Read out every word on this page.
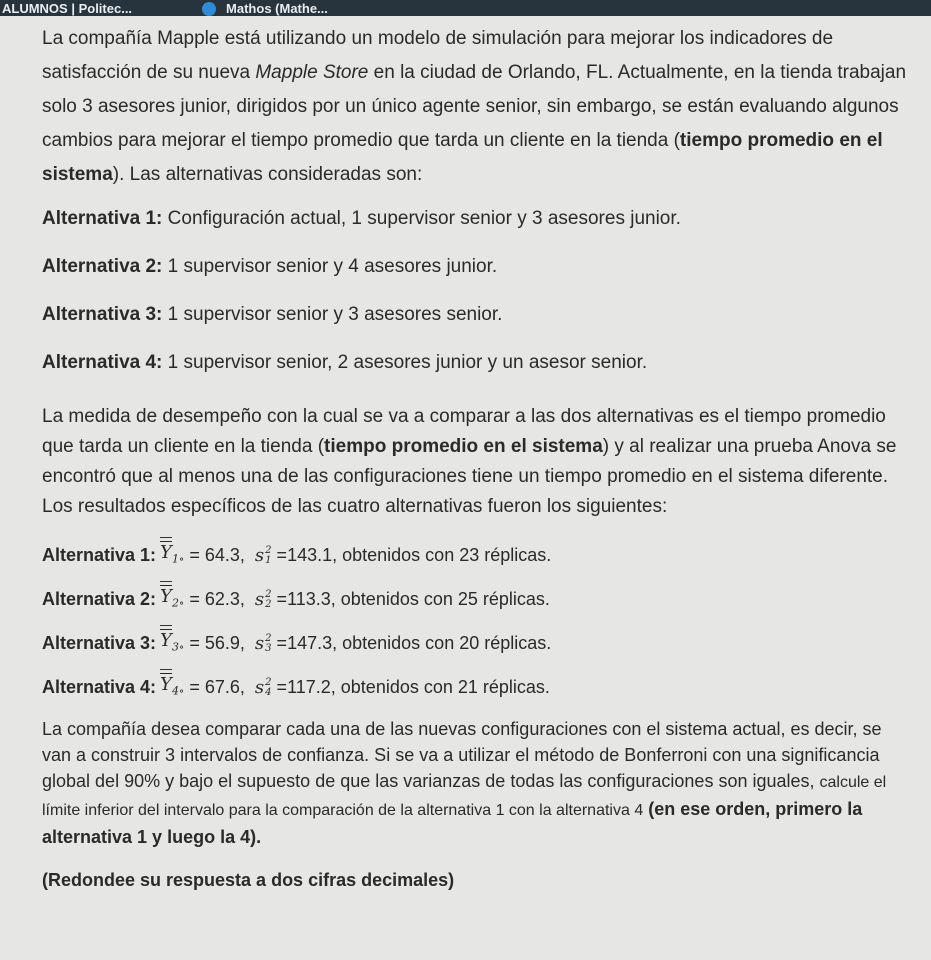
ALUMNOS | Politec...	Mathos (Mathe...

La compañía Mapple está utilizando un modelo de simulación para mejorar los indicadores de satisfacción de su nueva Mapple Store en la ciudad de Orlando, FL. Actualmente, en la tienda trabajan solo 3 asesores junior, dirigidos por un único agente senior, sin embargo, se están evaluando algunos cambios para mejorar el tiempo promedio que tarda un cliente en la tienda (tiempo promedio en el sistema). Las alternativas consideradas son:

Alternativa 1: Configuración actual, 1 supervisor senior y 3 asesores junior.

Alternativa 2: 1 supervisor senior y 4 asesores junior.

Alternativa 3: 1 supervisor senior y 3 asesores senior.

Alternativa 4: 1 supervisor senior, 2 asesores junior y un asesor senior.

La medida de desempeño con la cual se va a comparar a las dos alternativas es el tiempo promedio que tarda un cliente en la tienda (tiempo promedio en el sistema) y al realizar una prueba Anova se encontró que al menos una de las configuraciones tiene un tiempo promedio en el sistema diferente. Los resultados específicos de las cuatro alternativas fueron los siguientes:

Alternativa 1: $\overline{Y}_{1\circ} = 64.3$ , s 2
1 = 143.1 , obtenidos con 23 réplicas.

Alternativa 2: $\overline{Y}_{2\circ} = 62.3$ , s 2
2 = 113.3 , obtenidos con 25 réplicas.

Alternativa 3: $\overline{Y}_{3\circ} = 56.9$ , s 2
3 = 147.3 , obtenidos con 20 réplicas.

Alternativa 4: $\overline{Y}_{4\circ} = 67.6$ , s 2
4 = 117.2 , obtenidos con 21 réplicas.

La compañía desea comparar cada una de las nuevas configuraciones con el sistema actual, es decir, se van a construir 3 intervalos de confianza. Si se va a utilizar el método de Bonferroni con una significancia global del 90% y bajo el supuesto de que las varianzas de todas las configuraciones son iguales, calcule el límite inferior del intervalo para la comparación de la alternativa 1 con la alternativa 4 (en ese orden, primero la alternativa 1 y luego la 4).

(Redondee su respuesta a dos cifras decimales)
